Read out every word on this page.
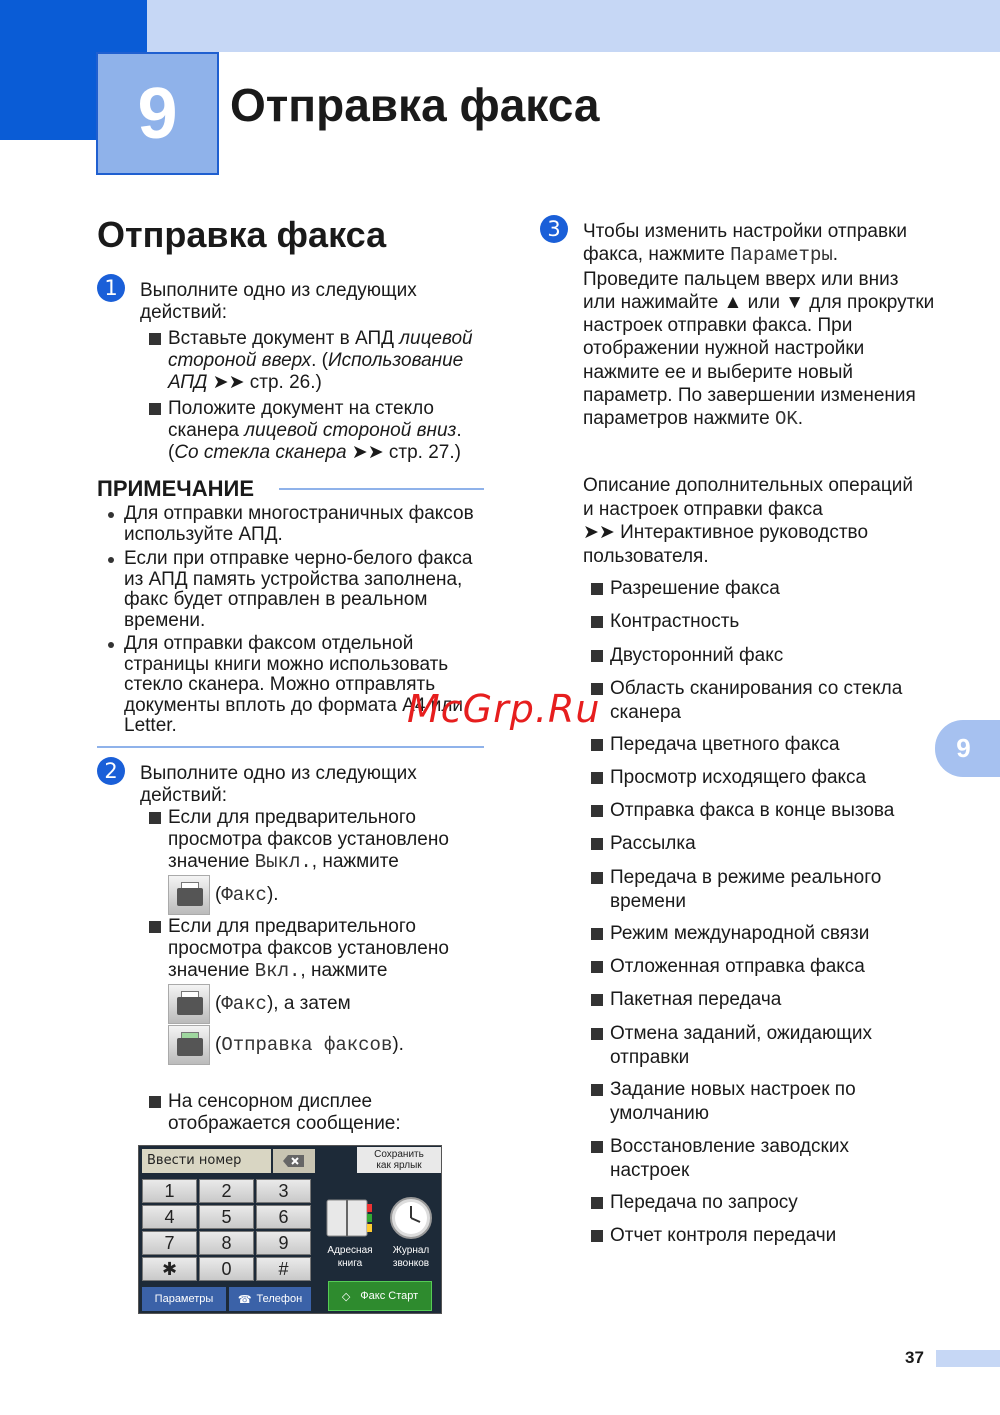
9 Отправка факса
Отправка факса
1 Выполните одно из следующих
действий:
Вставьте документ в АПД лицевой
стороной вверх. (Использование
АПД ➤➤ стр. 26.)
Положите документ на стекло
сканера лицевой стороной вниз.
(Со стекла сканера ➤➤ стр. 27.)
ПРИМЕЧАНИЕ
Для отправки многостраничных факсов
используйте АПД.
Если при отправке черно-белого факса
из АПД память устройства заполнена,
факс будет отправлен в реальном
времени.
Для отправки факсом отдельной
страницы книги можно использовать
стекло сканера. Можно отправлять
документы вплоть до формата A4 или
Letter.
2 Выполните одно из следующих
действий:
Если для предварительного
просмотра факсов установлено
значение Выкл., нажмите
(Факс).
Если для предварительного
просмотра факсов установлено
значение Вкл., нажмите
(Факс), а затем
(Отправка факсов).
На сенсорном дисплее
отображается сообщение:
Ввести номер	Сохранить
как ярлык
1	2	3
4	5	6
7	8	9
✱	0	#
Параметры	☎ Телефон
Адресная
книга
Журнал
звонков
◇ Факс Старт
3 Чтобы изменить настройки отправки
факса, нажмите Параметры.
Проведите пальцем вверх или вниз
или нажимайте ▲ или ▼ для прокрутки
настроек отправки факса. При
отображении нужной настройки
нажмите ее и выберите новый
параметр. По завершении изменения
параметров нажмите OK.
Описание дополнительных операций
и настроек отправки факса
➤➤ Интерактивное руководство
пользователя.
Разрешение факса
Контрастность
Двусторонний факс
Область сканирования со стекла
сканера
Передача цветного факса
Просмотр исходящего факса
Отправка факса в конце вызова
Рассылка
Передача в режиме реального
времени
Режим международной связи
Отложенная отправка факса
Пакетная передача
Отмена заданий, ожидающих
отправки
Задание новых настроек по
умолчанию
Восстановление заводских
настроек
Передача по запросу
Отчет контроля передачи
9
37
McGrp.Ru
